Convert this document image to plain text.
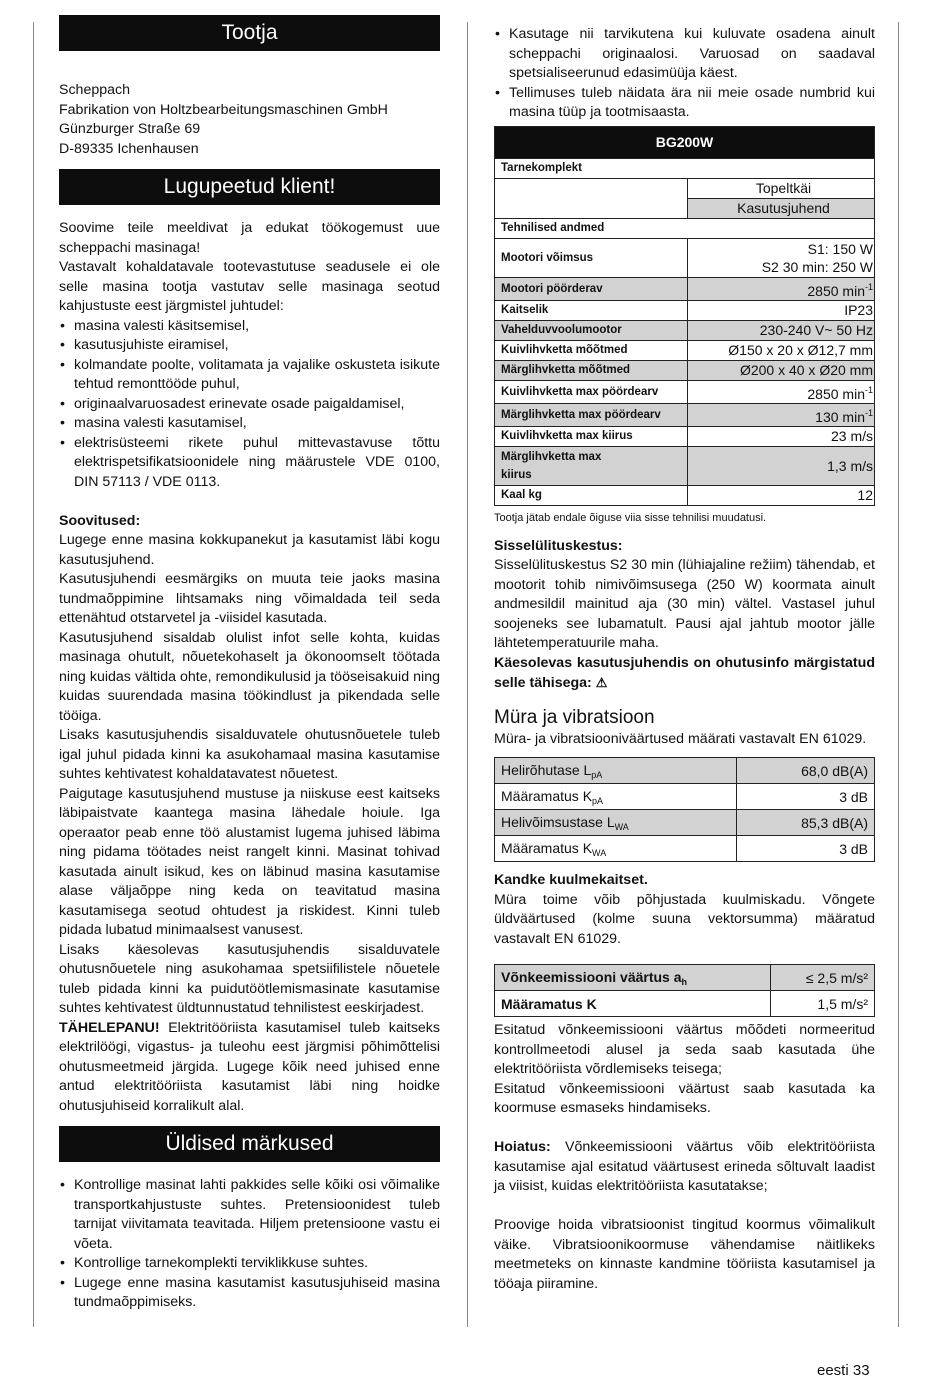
Tootja

Scheppach

Fabrikation von Holtzbearbeitungsmaschinen GmbH

Günzburger Straße 69

D-89335 Ichenhausen

Lugupeetud klient!

Soovime teile meeldivat ja edukat töökogemust uue scheppachi masinaga!

Vastavalt kohaldatavale tootevastutuse seadusele ei ole selle masina tootja vastutav selle masinaga seotud kahjustuste eest järgmistel juhtudel:

• masina valesti käsitsemisel,
• kasutusjuhiste eiramisel,
• kolmandate poolte, volitamata ja vajalike oskusteta isikute tehtud remonttööde puhul,
• originaalvaruosadest erinevate osade paigaldamisel,
• masina valesti kasutamisel,
• elektrisüsteemi rikete puhul mittevastavuse tõttu elektrispetsifikatsioonidele ning määrustele VDE 0100, DIN 57113 / VDE 0113.

Soovitused:

Lugege enne masina kokkupanekut ja kasutamist läbi kogu kasutusjuhend.

Kasutusjuhendi eesmärgiks on muuta teie jaoks masina tundmaõppimine lihtsamaks ning võimaldada teil seda ettenähtud otstarvetel ja -viisidel kasutada.

Kasutusjuhend sisaldab olulist infot selle kohta, kuidas masinaga ohutult, nõuetekohaselt ja ökonoomselt töötada ning kuidas vältida ohte, remondikulusid ja tööseisakuid ning kuidas suurendada masina töökindlust ja pikendada selle tööiga.

Lisaks kasutusjuhendis sisalduvatele ohutusnõuetele tuleb igal juhul pidada kinni ka asukohamaal masina kasutamise suhtes kehtivatest kohaldatavatest nõuetest.

Paigutage kasutusjuhend mustuse ja niiskuse eest kaitseks läbipaistvate kaantega masina lähedale hoiule. Iga operaator peab enne töö alustamist lugema juhised läbima ning pidama töötades neist rangelt kinni. Masinat tohivad kasutada ainult isikud, kes on läbinud masina kasutamise alase väljaõppe ning keda on teavitatud masina kasutamisega seotud ohtudest ja riskidest. Kinni tuleb pidada lubatud minimaalsest vanusest.

Lisaks käesolevas kasutusjuhendis sisalduvatele ohutusnõuetele ning asukohamaa spetsiifilistele nõuetele tuleb pidada kinni ka puidutöötlemismasinate kasutamise suhtes kehtivatest üldtunnustatud tehnilistest eeskirjadest.

TÄHELEPANU! Elektritööriista kasutamisel tuleb kaitseks elektrilöögi, vigastus- ja tuleohu eest järgmisi põhimõttelisi ohutusmeetmeid järgida. Lugege kõik need juhised enne antud elektritööriista kasutamist läbi ning hoidke ohutusjuhiseid korralikult alal.

Üldised märkused
• Kontrollige masinat lahti pakkides selle kõiki osi võimalike transportkahjustuste suhtes. Pretensioonidest tuleb tarnijat viivitamata teavitada. Hiljem pretensioone vastu ei võeta.
• Kontrollige tarnekomplekti terviklikkuse suhtes.
• Lugege enne masina kasutamist kasutusjuhiseid masina tundmaõppimiseks.
• Kasutage nii tarvikutena kui kuluvate osadena ainult scheppachi originaalosi. Varuosad on saadaval spetsialiseerunud edasimüüja käest.
• Tellimuses tuleb näidata ära nii meie osade numbrid kui masina tüüp ja tootmisaasta.
BG200W	
Tarnekomplekt	
	Topeltkäi
	Kasutusjuhend
Tehnilised andmed	
Mootori võimsus	S1: 150 W
S2 30 min: 250 W
Mootori pöörderav	2850 $\min^{-1}$
Kaitselik	IP23
Vahelduvvoolumootor	230-240 V~ 50 Hz
Kuivlihvketta mõõtmed	Ø150 x 20 x Ø12,7 mm
Märglihvketta mõõtmed	Ø200 x 40 x Ø20 mm
Kuivlihvketta max pöördearv	2850 $\min^{-1}$
Märglihvketta max pöördearv	130 $\min^{-1}$
Kuivlihvketta max kiirus	23 m/s
Märglihvketta max
kiirus	1,3 m/s
Kaal kg	12

Tootja jätab endale õiguse viia sisse tehnilisi muudatusi.

Sisselülituskestus:

Sisselülituskestus S2 30 min (lühiajaline režiim) tähendab, et mootorit tohib nimivõimsusega (250 W) koormata ainult andmesildil mainitud aja (30 min) vältel. Vastasel juhul soojeneks see lubamatult. Pausi ajal jahtub mootor jälle lähtetemperatuurile maha.

Käesolevas kasutusjuhendis on ohutusinfo märgistatud selle tähisega: ⚠

Müra ja vibratsioon

Müra- ja vibratsiooniväärtused määrati vastavalt EN 61029.

Helirõhutase $L_{pA}$	68,0 dB(A)
Määramatus $K_{pA}$	3 dB
Helivõimsustase $L_{WA}$	85,3 dB(A)
Määramatus $K_{WA}$	3 dB

Kandke kuulmekaitset.

Müra toime võib põhjustada kuulmiskadu. Võngete üldväärtused (kolme suuna vektorsumma) määratud vastavalt EN 61029.

Võnkeemissiooni väärtus $a_h$	≤ 2,5 m/s²
Määramatus K	1,5 m/s²

Esitatud võnkeemissiooni väärtus mõõdeti normeeritud kontrollmeetodi alusel ja seda saab kasutada ühe elektritööriista võrdlemiseks teisega;

Esitatud võnkeemissiooni väärtust saab kasutada ka koormuse esmaseks hindamiseks.

Hoiatus: Võnkeemissiooni väärtus võib elektritööriista kasutamise ajal esitatud väärtusest erineda sõltuvalt laadist ja viisist, kuidas elektritööriista kasutatakse;

Proovige hoida vibratsioonist tingitud koormus võimalikult väike. Vibratsioonikoormuse vähendamise näitlikeks meetmeteks on kinnaste kandmine tööriista kasutamisel ja tööaja piiramine.

eesti 33
